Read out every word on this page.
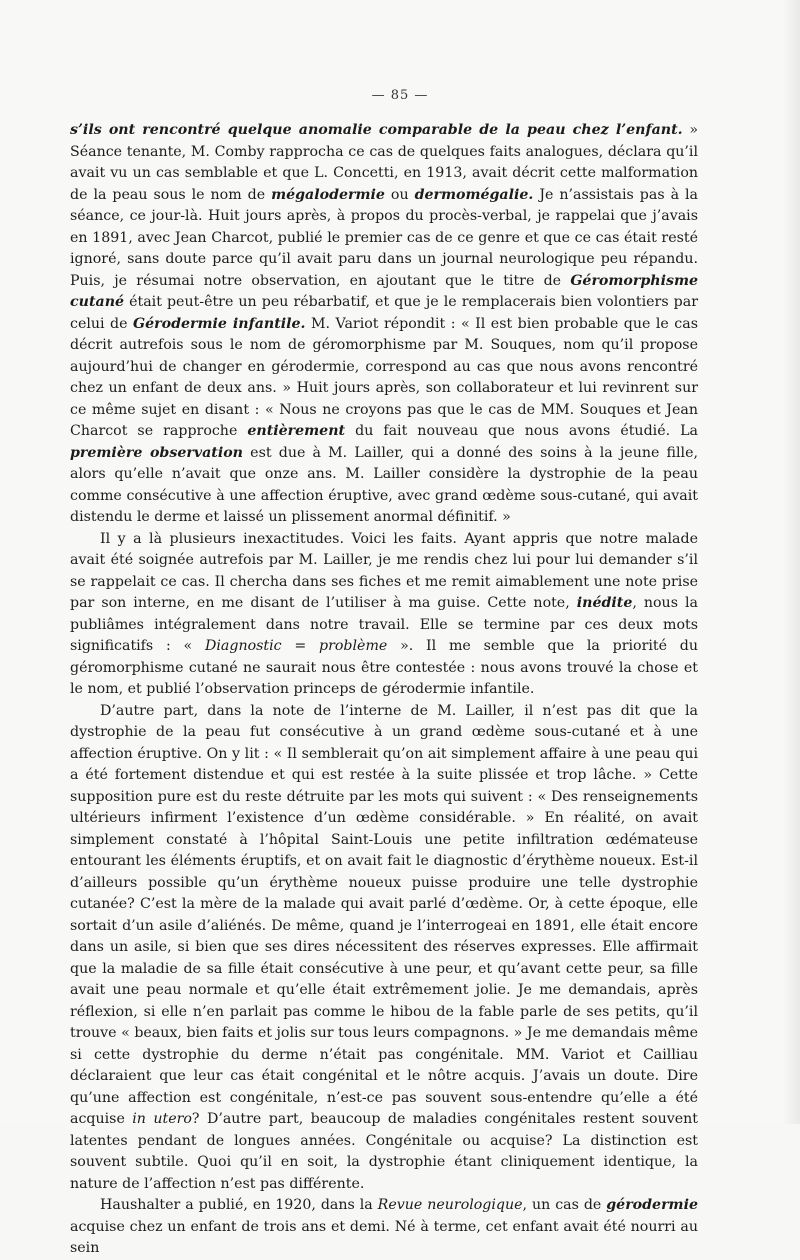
— 85 —

s’ils ont rencontré quelque anomalie comparable de la peau chez l’enfant. » Séance tenante, M. Comby rapprocha ce cas de quelques faits analogues, déclara qu’il avait vu un cas semblable et que L. Concetti, en 1913, avait décrit cette malformation de la peau sous le nom de mégalodermie ou dermomégalie. Je n’assistais pas à la séance, ce jour-là. Huit jours après, à propos du procès-verbal, je rappelai que j’avais en 1891, avec Jean Charcot, publié le premier cas de ce genre et que ce cas était resté ignoré, sans doute parce qu’il avait paru dans un journal neurologique peu répandu. Puis, je résumai notre observation, en ajoutant que le titre de Géromorphisme cutané était peut-être un peu rébarbatif, et que je le remplacerais bien volontiers par celui de Gérodermie infantile. M. Variot répondit : « Il est bien probable que le cas décrit autrefois sous le nom de géromorphisme par M. Souques, nom qu’il propose aujourd’hui de changer en gérodermie, correspond au cas que nous avons rencontré chez un enfant de deux ans. » Huit jours après, son collaborateur et lui revinrent sur ce même sujet en disant : « Nous ne croyons pas que le cas de MM. Souques et Jean Charcot se rapproche entièrement du fait nouveau que nous avons étudié. La première observation est due à M. Lailler, qui a donné des soins à la jeune fille, alors qu’elle n’avait que onze ans. M. Lailler considère la dystrophie de la peau comme consécutive à une affection éruptive, avec grand œdème sous-cutané, qui avait distendu le derme et laissé un plissement anormal définitif. »

Il y a là plusieurs inexactitudes. Voici les faits. Ayant appris que notre malade avait été soignée autrefois par M. Lailler, je me rendis chez lui pour lui demander s’il se rappelait ce cas. Il chercha dans ses fiches et me remit aimablement une note prise par son interne, en me disant de l’utiliser à ma guise. Cette note, inédite, nous la publiâmes intégralement dans notre travail. Elle se termine par ces deux mots significatifs : « Diagnostic = problème ». Il me semble que la priorité du géromorphisme cutané ne saurait nous être contestée : nous avons trouvé la chose et le nom, et publié l’observation princeps de gérodermie infantile.

D’autre part, dans la note de l’interne de M. Lailler, il n’est pas dit que la dystrophie de la peau fut consécutive à un grand œdème sous-cutané et à une affection éruptive. On y lit : « Il semblerait qu’on ait simplement affaire à une peau qui a été fortement distendue et qui est restée à la suite plissée et trop lâche. » Cette supposition pure est du reste détruite par les mots qui suivent : « Des renseignements ultérieurs infirment l’existence d’un œdème considérable. » En réalité, on avait simplement constaté à l’hôpital Saint-Louis une petite infiltration œdémateuse entourant les éléments éruptifs, et on avait fait le diagnostic d’érythème noueux. Est-il d’ailleurs possible qu’un érythème noueux puisse produire une telle dystrophie cutanée? C’est la mère de la malade qui avait parlé d’œdème. Or, à cette époque, elle sortait d’un asile d’aliénés. De même, quand je l’interrogeai en 1891, elle était encore dans un asile, si bien que ses dires nécessitent des réserves expresses. Elle affirmait que la maladie de sa fille était consécutive à une peur, et qu’avant cette peur, sa fille avait une peau normale et qu’elle était extrêmement jolie. Je me demandais, après réflexion, si elle n’en parlait pas comme le hibou de la fable parle de ses petits, qu’il trouve « beaux, bien faits et jolis sur tous leurs compagnons. » Je me demandais même si cette dystrophie du derme n’était pas congénitale. MM. Variot et Cailliau déclaraient que leur cas était congénital et le nôtre acquis. J’avais un doute. Dire qu’une affection est congénitale, n’est-ce pas souvent sous-entendre qu’elle a été acquise in utero? D’autre part, beaucoup de maladies congénitales restent souvent latentes pendant de longues années. Congénitale ou acquise? La distinction est souvent subtile. Quoi qu’il en soit, la dystrophie étant cliniquement identique, la nature de l’affection n’est pas différente.

Haushalter a publié, en 1920, dans la Revue neurologique, un cas de gérodermie acquise chez un enfant de trois ans et demi. Né à terme, cet enfant avait été nourri au sein
